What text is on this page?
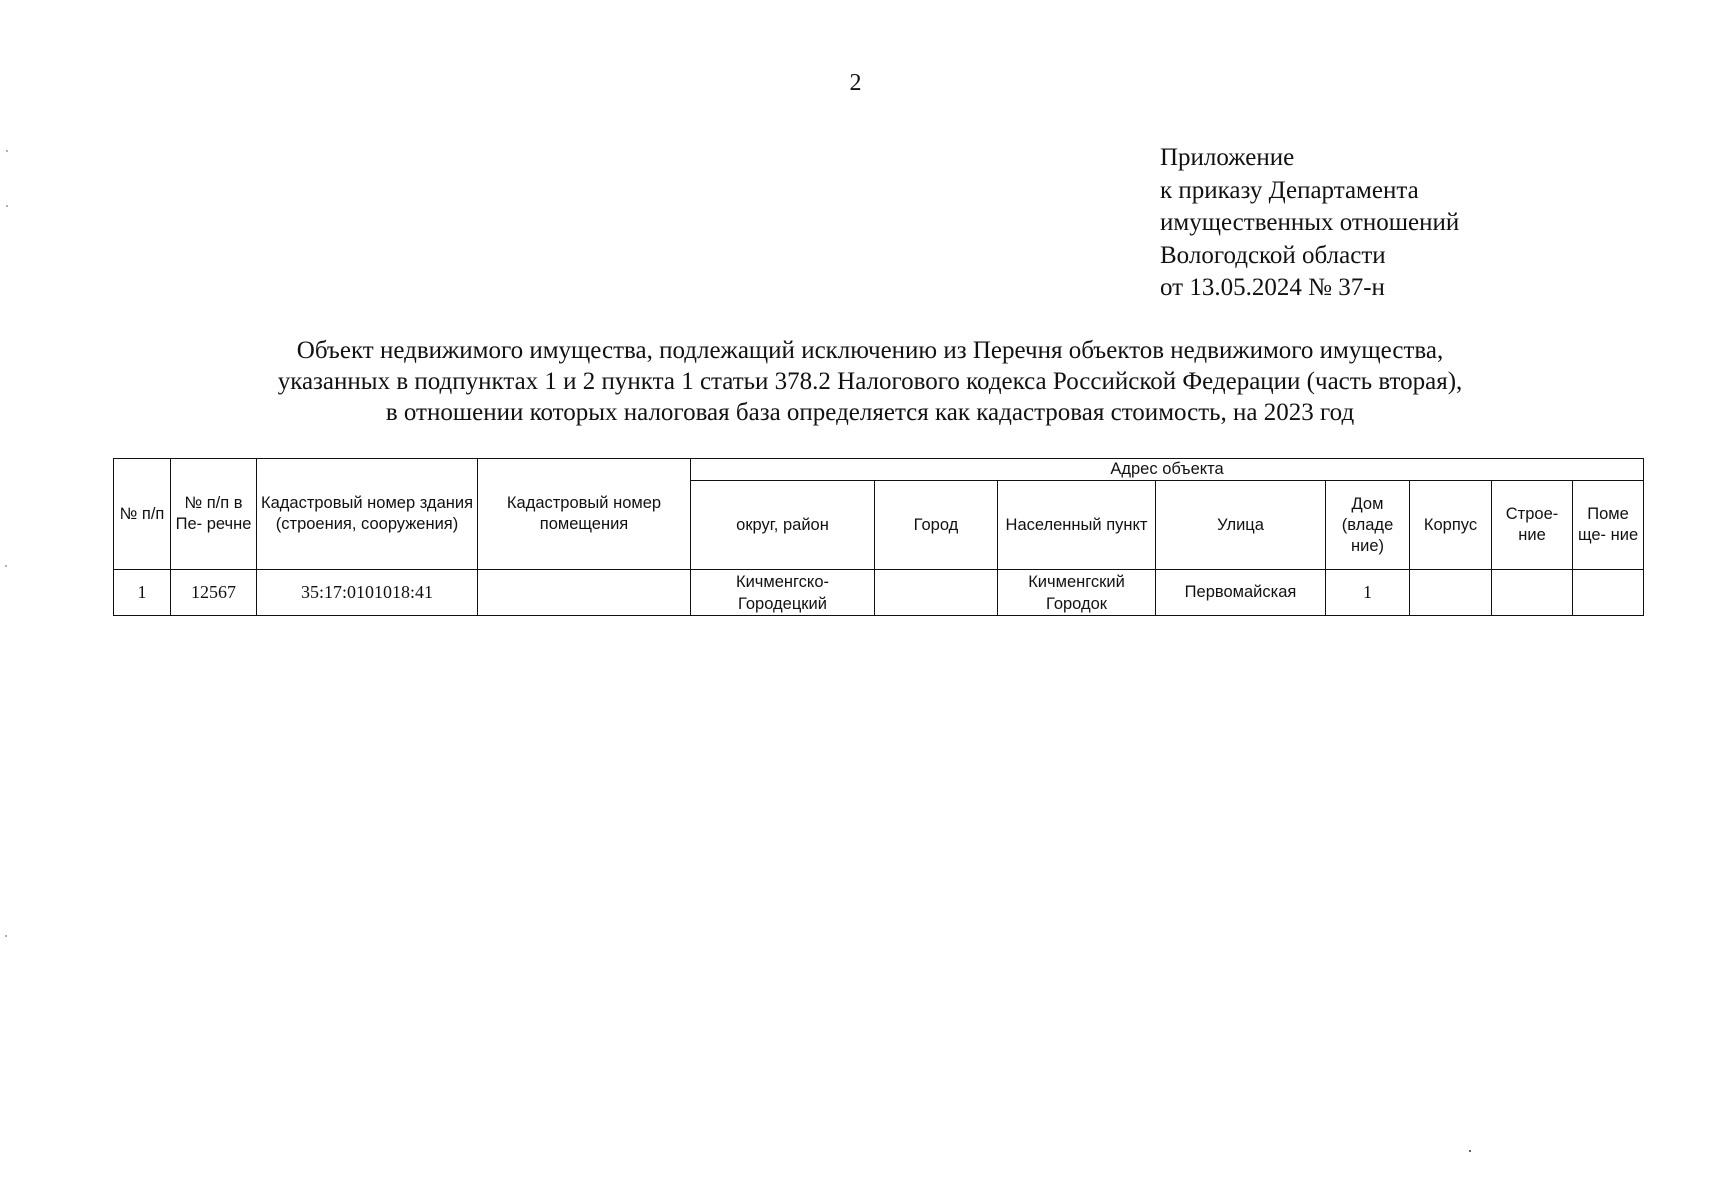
2
Приложение
к приказу Департамента
имущественных отношений
Вологодской области
от 13.05.2024 № 37-н
Объект недвижимого имущества, подлежащий исключению из Перечня объектов недвижимого имущества,
указанных в подпунктах 1 и 2 пункта 1 статьи 378.2 Налогового кодекса Российской Федерации (часть вторая),
в отношении которых налоговая база определяется как кадастровая стоимость, на 2023 год
№ п/п	№ п/п в Пе- речне	Кадастровый номер здания (строения, сооружения)	Кадастровый номер помещения	Адрес объекта							
				округ, район	Город	Населенный пункт	Улица	Дом (владе ние)	Корпус	Строе- ние	Поме ще- ние
1	12567	35:17:0101018:41		Кичменгско- Городецкий		Кичменгский Городок	Первомайская	1			
